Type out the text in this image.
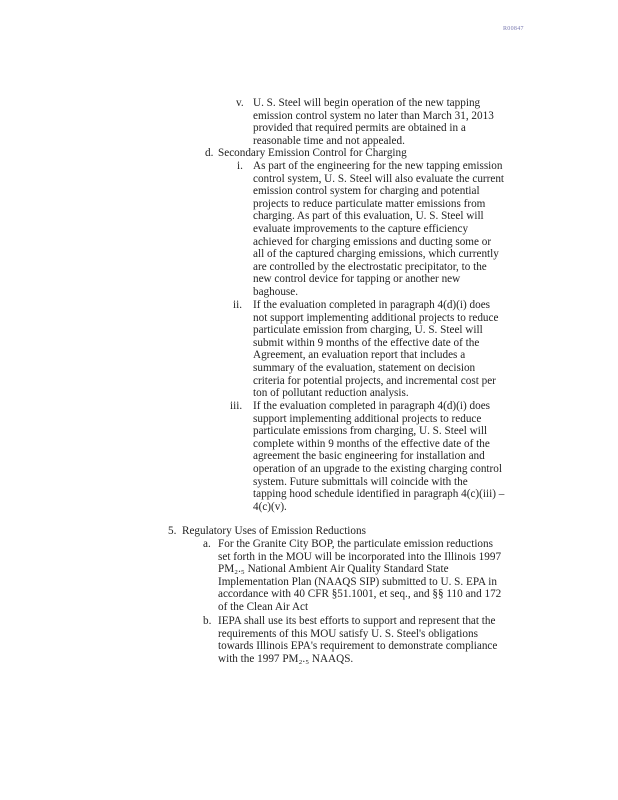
R00847
v. U. S. Steel will begin operation of the new tapping
emission control system no later than March 31, 2013
provided that required permits are obtained in a
reasonable time and not appealed.
d. Secondary Emission Control for Charging
i. As part of the engineering for the new tapping emission
control system, U. S. Steel will also evaluate the current
emission control system for charging and potential
projects to reduce particulate matter emissions from
charging. As part of this evaluation, U. S. Steel will
evaluate improvements to the capture efficiency
achieved for charging emissions and ducting some or
all of the captured charging emissions, which currently
are controlled by the electrostatic precipitator, to the
new control device for tapping or another new
baghouse.
ii. If the evaluation completed in paragraph 4(d)(i) does
not support implementing additional projects to reduce
particulate emission from charging, U. S. Steel will
submit within 9 months of the effective date of the
Agreement, an evaluation report that includes a
summary of the evaluation, statement on decision
criteria for potential projects, and incremental cost per
ton of pollutant reduction analysis.
iii. If the evaluation completed in paragraph 4(d)(i) does
support implementing additional projects to reduce
particulate emissions from charging, U. S. Steel will
complete within 9 months of the effective date of the
agreement the basic engineering for installation and
operation of an upgrade to the existing charging control
system. Future submittals will coincide with the
tapping hood schedule identified in paragraph 4(c)(iii) –
4(c)(v).
5. Regulatory Uses of Emission Reductions
a. For the Granite City BOP, the particulate emission reductions
set forth in the MOU will be incorporated into the Illinois 1997
PM₂.₅ National Ambient Air Quality Standard State
Implementation Plan (NAAQS SIP) submitted to U. S. EPA in
accordance with 40 CFR §51.1001, et seq., and §§ 110 and 172
of the Clean Air Act
b. IEPA shall use its best efforts to support and represent that the
requirements of this MOU satisfy U. S. Steel's obligations
towards Illinois EPA's requirement to demonstrate compliance
with the 1997 PM₂.₅ NAAQS.
